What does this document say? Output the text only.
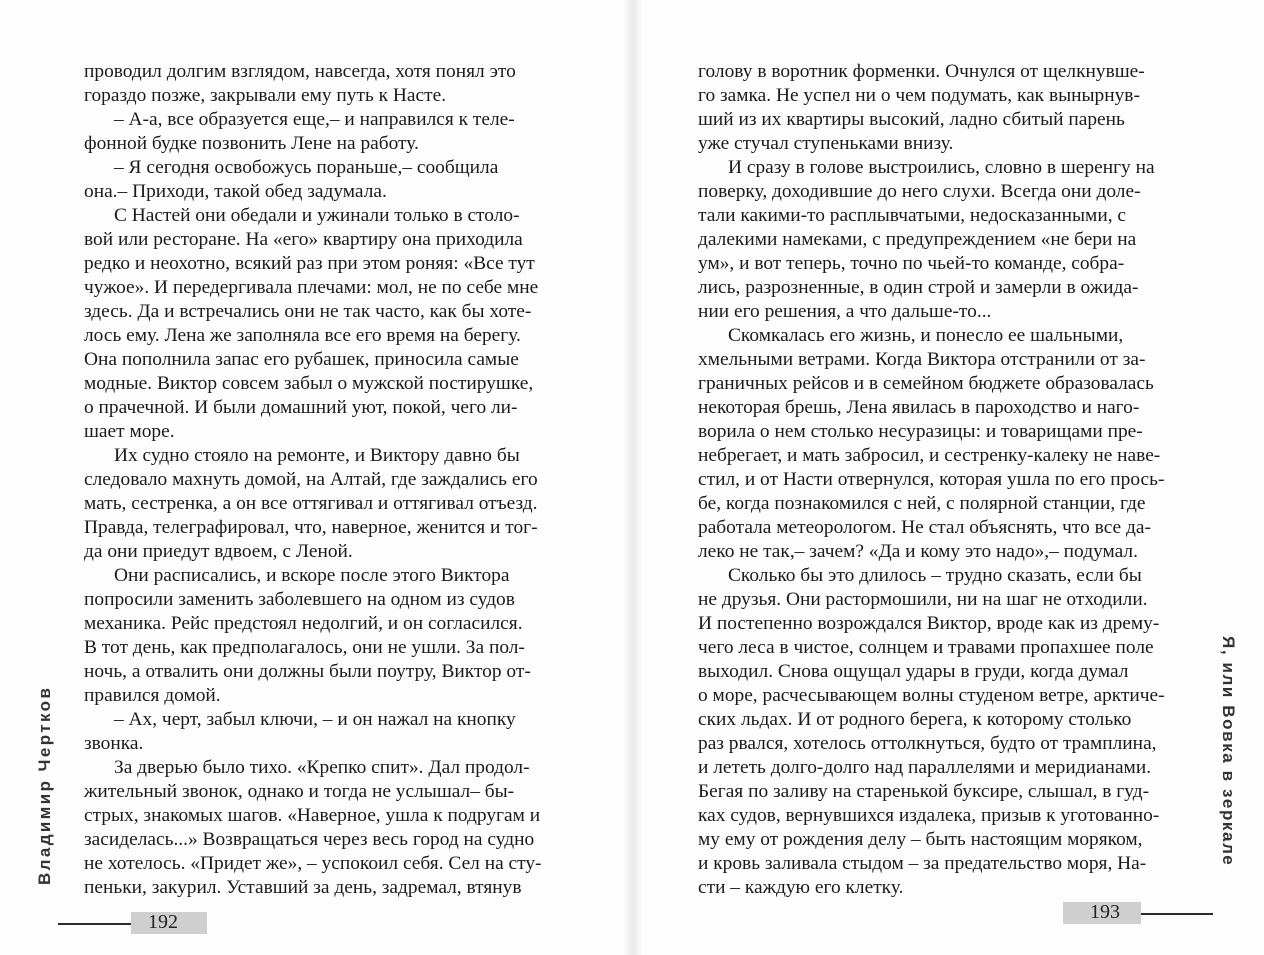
Владимир Чертков
проводил долгим взглядом, навсегда, хотя понял это
гораздо позже, закрывали ему путь к Насте.
– А-а, все образуется еще,– и направился к теле-
фонной будке позвонить Лене на работу.
– Я сегодня освобожусь пораньше,– сообщила
она.– Приходи, такой обед задумала.
С Настей они обедали и ужинали только в столо-
вой или ресторане. На «его» квартиру она приходила
редко и неохотно, всякий раз при этом роняя: «Все тут
чужое». И передергивала плечами: мол, не по себе мне
здесь. Да и встречались они не так часто, как бы хоте-
лось ему. Лена же заполняла все его время на берегу.
Она пополнила запас его рубашек, приносила самые
модные. Виктор совсем забыл о мужской постирушке,
о прачечной. И были домашний уют, покой, чего ли-
шает море.
Их судно стояло на ремонте, и Виктору давно бы
следовало махнуть домой, на Алтай, где заждались его
мать, сестренка, а он все оттягивал и оттягивал отъезд.
Правда, телеграфировал, что, наверное, женится и тог-
да они приедут вдвоем, с Леной.
Они расписались, и вскоре после этого Виктора
попросили заменить заболевшего на одном из судов
механика. Рейс предстоял недолгий, и он согласился.
В тот день, как предполагалось, они не ушли. За пол-
ночь, а отвалить они должны были поутру, Виктор от-
правился домой.
– Ах, черт, забыл ключи, – и он нажал на кнопку
звонка.
За дверью было тихо. «Крепко спит». Дал продол-
жительный звонок, однако и тогда не услышал– бы-
стрых, знакомых шагов. «Наверное, ушла к подругам и
засиделась...» Возвращаться через весь город на судно
не хотелось. «Придет же», – успокоил себя. Сел на сту-
пеньки, закурил. Уставший за день, задремал, втянув
192
Я, или Вовка в зеркале
голову в воротник форменки. Очнулся от щелкнувше-
го замка. Не успел ни о чем подумать, как вынырнув-
ший из их квартиры высокий, ладно сбитый парень
уже стучал ступеньками внизу.
И сразу в голове выстроились, словно в шеренгу на
поверку, доходившие до него слухи. Всегда они доле-
тали какими-то расплывчатыми, недосказанными, с
далекими намеками, с предупреждением «не бери на
ум», и вот теперь, точно по чьей-то команде, собра-
лись, разрозненные, в один строй и замерли в ожида-
нии его решения, а что дальше-то...
Скомкалась его жизнь, и понесло ее шальными,
хмельными ветрами. Когда Виктора отстранили от за-
граничных рейсов и в семейном бюджете образовалась
некоторая брешь, Лена явилась в пароходство и наго-
ворила о нем столько несуразицы: и товарищами пре-
небрегает, и мать забросил, и сестренку-калеку не наве-
стил, и от Насти отвернулся, которая ушла по его прось-
бе, когда познакомился с ней, с полярной станции, где
работала метеорологом. Не стал объяснять, что все да-
леко не так,– зачем? «Да и кому это надо»,– подумал.
Сколько бы это длилось – трудно сказать, если бы
не друзья. Они растормошили, ни на шаг не отходили.
И постепенно возрождался Виктор, вроде как из дрему-
чего леса в чистое, солнцем и травами пропахшее поле
выходил. Снова ощущал удары в груди, когда думал
о море, расчесывающем волны студеном ветре, арктиче-
ских льдах. И от родного берега, к которому столько
раз рвался, хотелось оттолкнуться, будто от трамплина,
и лететь долго-долго над параллелями и меридианами.
Бегая по заливу на старенькой буксире, слышал, в гуд-
ках судов, вернувшихся издалека, призыв к уготованно-
му ему от рождения делу – быть настоящим моряком,
и кровь заливала стыдом – за предательство моря, На-
сти – каждую его клетку.
193
